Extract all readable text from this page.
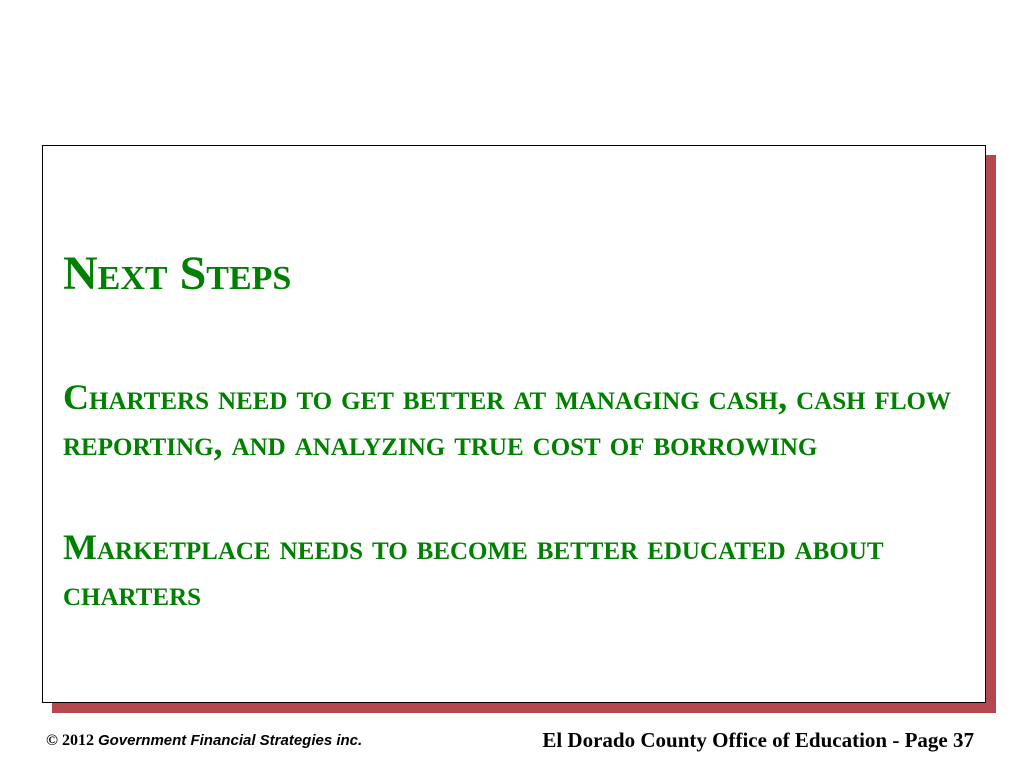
Next Steps

Charters need to get better at managing cash, cash flow reporting, and analyzing true cost of borrowing

Marketplace needs to become better educated about charters

© 2012 Government Financial Strategies inc.	El Dorado County Office of Education - Page 37
